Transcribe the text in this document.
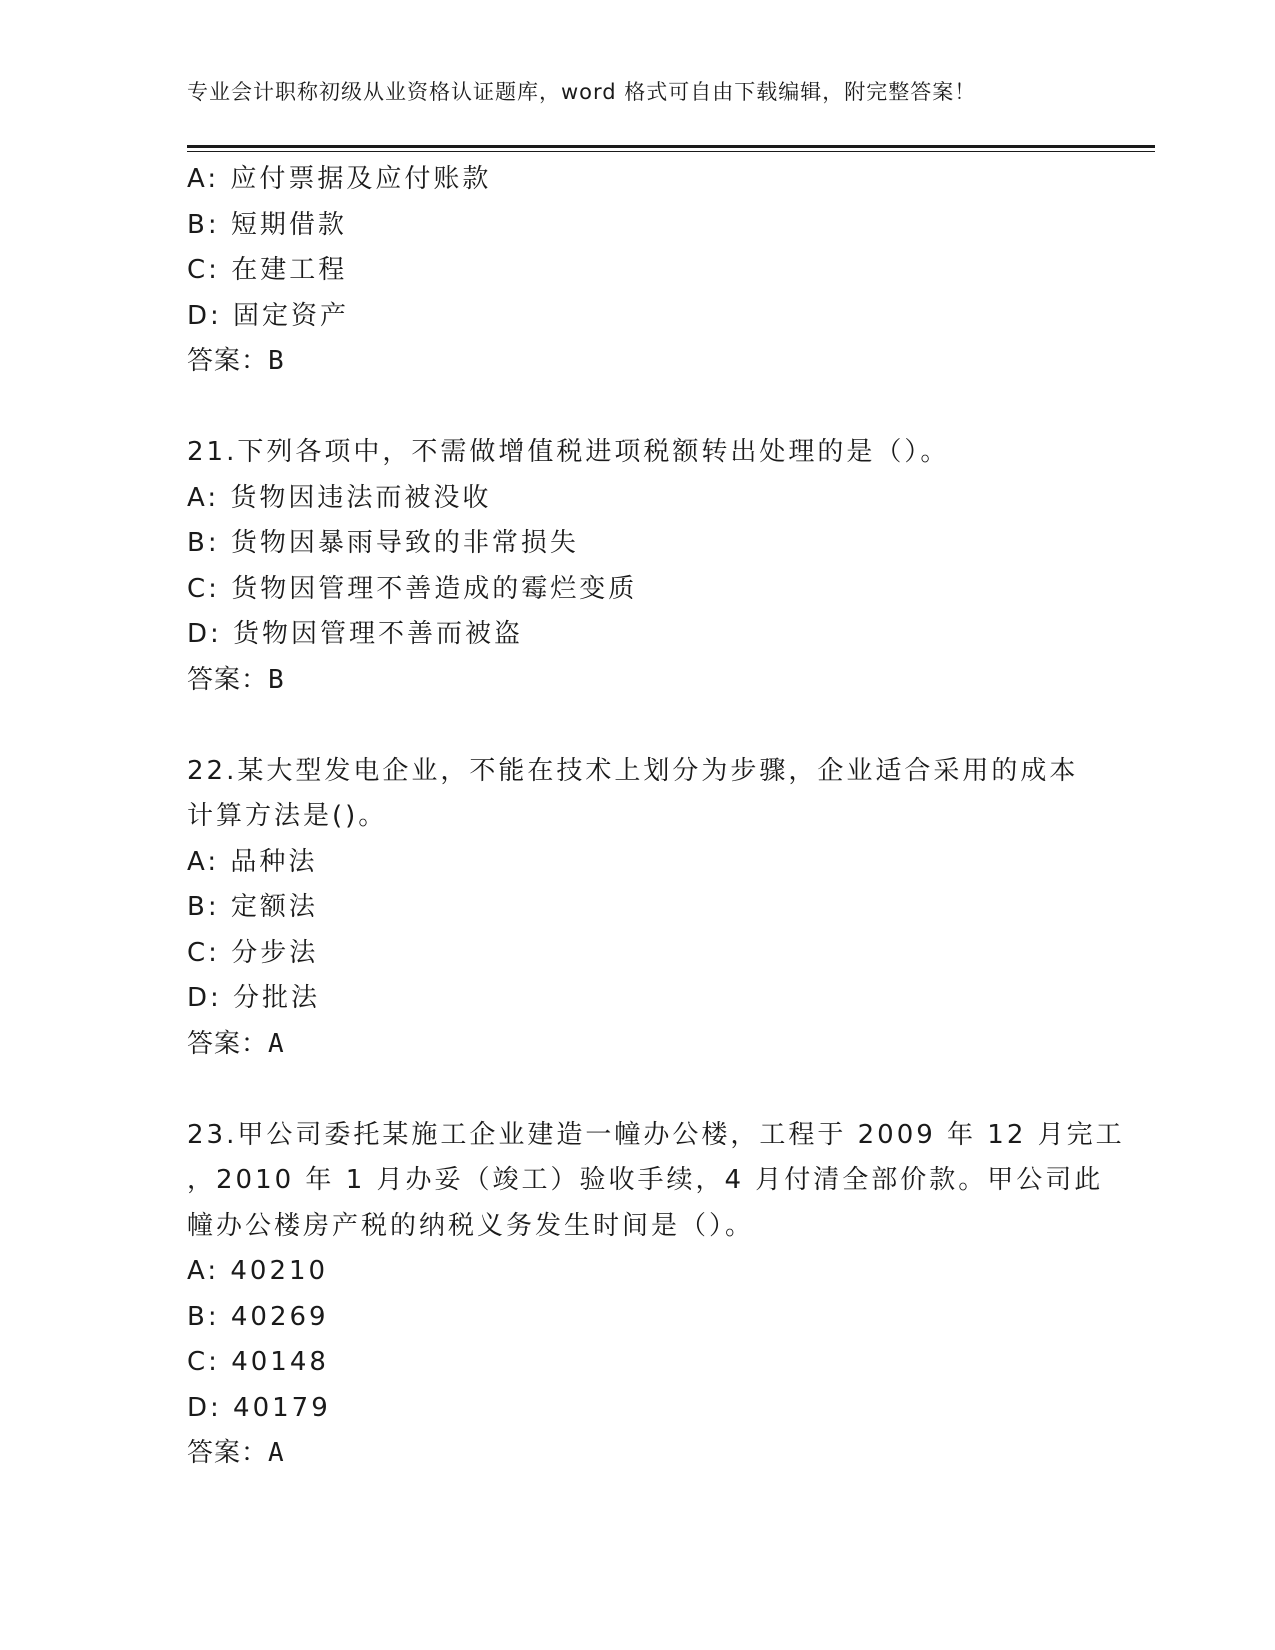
专业会计职称初级从业资格认证题库，word 格式可自由下载编辑，附完整答案！
A: 应付票据及应付账款
B: 短期借款
C: 在建工程
D: 固定资产
答案：B
21.下列各项中，不需做增值税进项税额转出处理的是（）。
A: 货物因违法而被没收
B: 货物因暴雨导致的非常损失
C: 货物因管理不善造成的霉烂变质
D: 货物因管理不善而被盗
答案：B
22.某大型发电企业，不能在技术上划分为步骤，企业适合采用的成本
计算方法是()。
A: 品种法
B: 定额法
C: 分步法
D: 分批法
答案：A
23.甲公司委托某施工企业建造一幢办公楼，工程于 2009 年 12 月完工
，2010 年 1 月办妥（竣工）验收手续，4 月付清全部价款。甲公司此
幢办公楼房产税的纳税义务发生时间是（）。
A: 40210
B: 40269
C: 40148
D: 40179
答案：A
